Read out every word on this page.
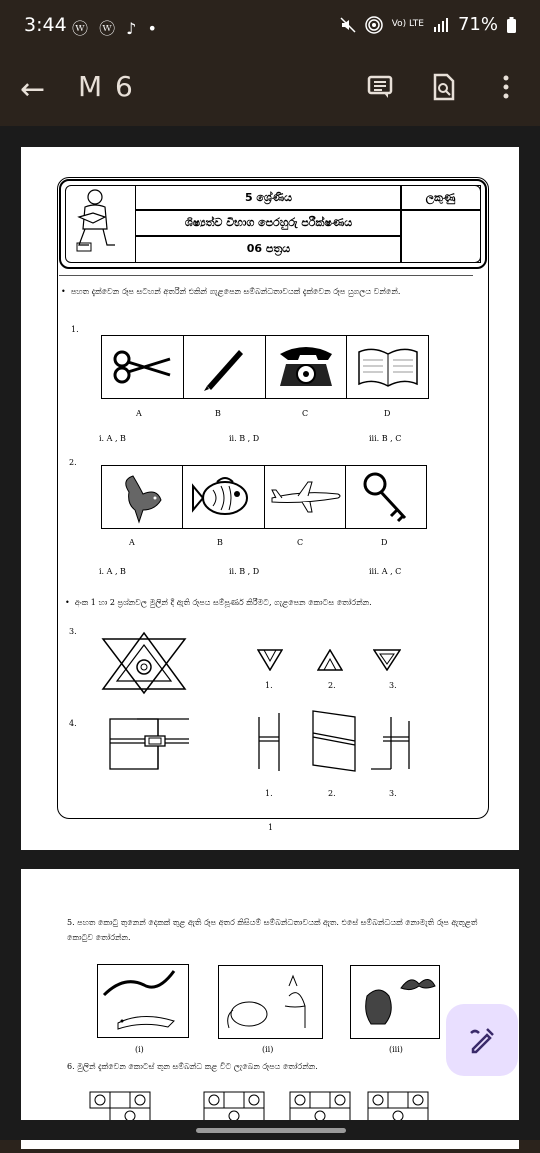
3:44 ⓦ ⓦ ♪ •	Vo) LTE 71%
← M 6
5 ශ්‍රේණිය	ලකුණු
ශිෂ්‍යත්ව විභාග පෙරහුරු පරීක්ෂණය
06 පත්‍රය
•  පහත දැක්වෙන රූප සටහන් අතරින් එකින් ගැළපෙන සම්බන්ධතාවයක් දැක්වෙන රූප යුගලය වන්නේ.
1.
A	B	C	D
i. A , B	ii. B , D	iii. B , C
2.
A	B	C	D
i. A , B	ii. B , D	iii. A , C
•  අංක 1 හා 2 ප්‍රශ්නවල මුලින් දී ඇති රූපය සම්පූර්ණ කිරීමට, ගැළපෙන කොටස තෝරන්න.
3.
1.	2.	3.
4.
1.	2.	3.
1
5. පහත කොටු තුනෙන් දෙකක් තුළ ඇති රූප අතර කිසියම් සම්බන්ධතාවයක් ඇත. එසේ සම්බන්ධයක් නොමැති රූප ඇතුළත් කොටුව තෝරන්න.
(i)	(ii)	(iii)
6. මුලින් දැක්වෙන කොටස් තුන සම්බන්ධ කළ විට ලැබෙන රූපය තෝරන්න.
